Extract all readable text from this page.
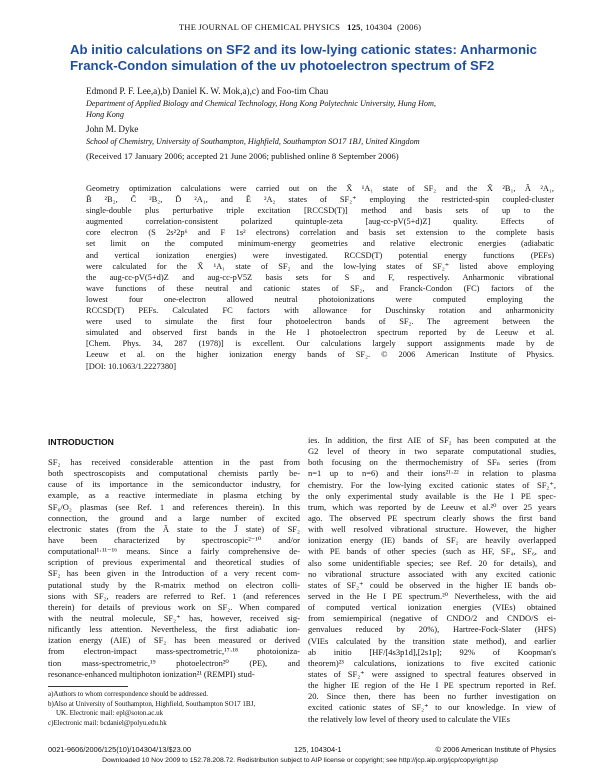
THE JOURNAL OF CHEMICAL PHYSICS 125, 104304 (2006)
Ab initio calculations on SF2 and its low-lying cationic states: Anharmonic
Franck-Condon simulation of the uv photoelectron spectrum of SF2
Edmond P. F. Lee,a),b) Daniel K. W. Mok,a),c) and Foo-tim Chau
Department of Applied Biology and Chemical Technology, Hong Kong Polytechnic University, Hung Hom,
Hong Kong
John M. Dyke
School of Chemistry, University of Southampton, Highfield, Southampton SO17 1BJ, United Kingdom
(Received 17 January 2006; accepted 21 June 2006; published online 8 September 2006)
Geometry optimization calculations were carried out on the X̃ ¹A₁ state of SF₂ and the X̃ ²B₁, Ã ²A₁,
B̃ ²B₂, C̃ ²B₂, D̃ ²A₁, and Ẽ ²A₂ states of SF₂⁺ employing the restricted-spin coupled-cluster
single-double plus perturbative triple excitation [RCCSD(T)] method and basis sets of up to the
augmented correlation-consistent polarized quintuple-zeta [aug-cc-pV(5+d)Z] quality. Effects of
core electron (S 2s²2p⁶ and F 1s² electrons) correlation and basis set extension to the complete basis
set limit on the computed minimum-energy geometries and relative electronic energies (adiabatic
and vertical ionization energies) were investigated. RCCSD(T) potential energy functions (PEFs)
were calculated for the X̃ ¹A₁ state of SF₂ and the low-lying states of SF₂⁺ listed above employing
the aug-cc-pV(5+d)Z and aug-cc-pV5Z basis sets for S and F, respectively. Anharmonic vibrational
wave functions of these neutral and cationic states of SF₂, and Franck-Condon (FC) factors of the
lowest four one-electron allowed neutral photoionizations were computed employing the
RCCSD(T) PEFs. Calculated FC factors with allowance for Duschinsky rotation and anharmonicity
were used to simulate the first four photoelectron bands of SF₂. The agreement between the
simulated and observed first bands in the He I photoelectron spectrum reported by de Leeuw et al.
[Chem. Phys. 34, 287 (1978)] is excellent. Our calculations largely support assignments made by de
Leeuw et al. on the higher ionization energy bands of SF₂. © 2006 American Institute of Physics.
[DOI: 10.1063/1.2227380]
INTRODUCTION
SF₂ has received considerable attention in the past from
both spectroscopists and computational chemists partly be-
cause of its importance in the semiconductor industry, for
example, as a reactive intermediate in plasma etching by
SF₆/O₂ plasmas (see Ref. 1 and references therein). In this
connection, the ground and a large number of excited
electronic states (from the Ã state to the J̃ state) of SF₂
have been characterized by spectroscopic²⁻¹⁰ and/or
computational¹·¹¹⁻¹⁶ means. Since a fairly comprehensive de-
scription of previous experimental and theoretical studies of
SF₂ has been given in the Introduction of a very recent com-
putational study by the R-matrix method on electron colli-
sions with SF₂, readers are referred to Ref. 1 (and references
therein) for details of previous work on SF₂. When compared
with the neutral molecule, SF₂⁺ has, however, received sig-
nificantly less attention. Nevertheless, the first adiabatic ion-
ization energy (AIE) of SF₂ has been measured or derived
from electron-impact mass-spectrometric,¹⁷·¹⁸ photoioniza-
tion mass-spectrometric,¹⁹ photoelectron²⁰ (PE), and
resonance-enhanced multiphoton ionization²¹ (REMPI) stud-
ies. In addition, the first AIE of SF₂ has been computed at the
G2 level of theory in two separate computational studies,
both focusing on the thermochemistry of SFₙ series (from
n=1 up to n=6) and their ions²¹·²² in relation to plasma
chemistry. For the low-lying excited cationic states of SF₂⁺,
the only experimental study available is the He I PE spec-
trum, which was reported by de Leeuw et al.²⁰ over 25 years
ago. The observed PE spectrum clearly shows the first band
with well resolved vibrational structure. However, the higher
ionization energy (IE) bands of SF₂ are heavily overlapped
with PE bands of other species (such as HF, SF₄, SF₆, and
also some unidentifiable species; see Ref. 20 for details), and
no vibrational structure associated with any excited cationic
states of SF₂⁺ could be observed in the higher IE bands ob-
served in the He I PE spectrum.²⁰ Nevertheless, with the aid
of computed vertical ionization energies (VIEs) obtained
from semiempirical (negative of CNDO/2 and CNDO/S ei-
genvalues reduced by 20%), Hartree-Fock-Slater (HFS)
(VIEs calculated by the transition state method), and earlier
ab initio [HF/[4s3p1d],[2s1p]; 92% of Koopman's
theorem)²³ calculations, ionizations to five excited cationic
states of SF₂⁺ were assigned to spectral features observed in
the higher IE region of the He I PE spectrum reported in Ref.
20. Since then, there has been no further investigation on
excited cationic states of SF₂⁺ to our knowledge. In view of
the relatively low level of theory used to calculate the VIEs
a)Authors to whom correspondence should be addressed.
b)Also at University of Southampton, Highfield, Southampton SO17 1BJ,
UK. Electronic mail: epl@soton.ac.uk
c)Electronic mail: bcdaniel@polyu.edu.hk
0021-9606/2006/125(10)/104304/13/$23.00	125, 104304-1	© 2006 American Institute of Physics
Downloaded 10 Nov 2009 to 152.78.208.72. Redistribution subject to AIP license or copyright; see http://jcp.aip.org/jcp/copyright.jsp
